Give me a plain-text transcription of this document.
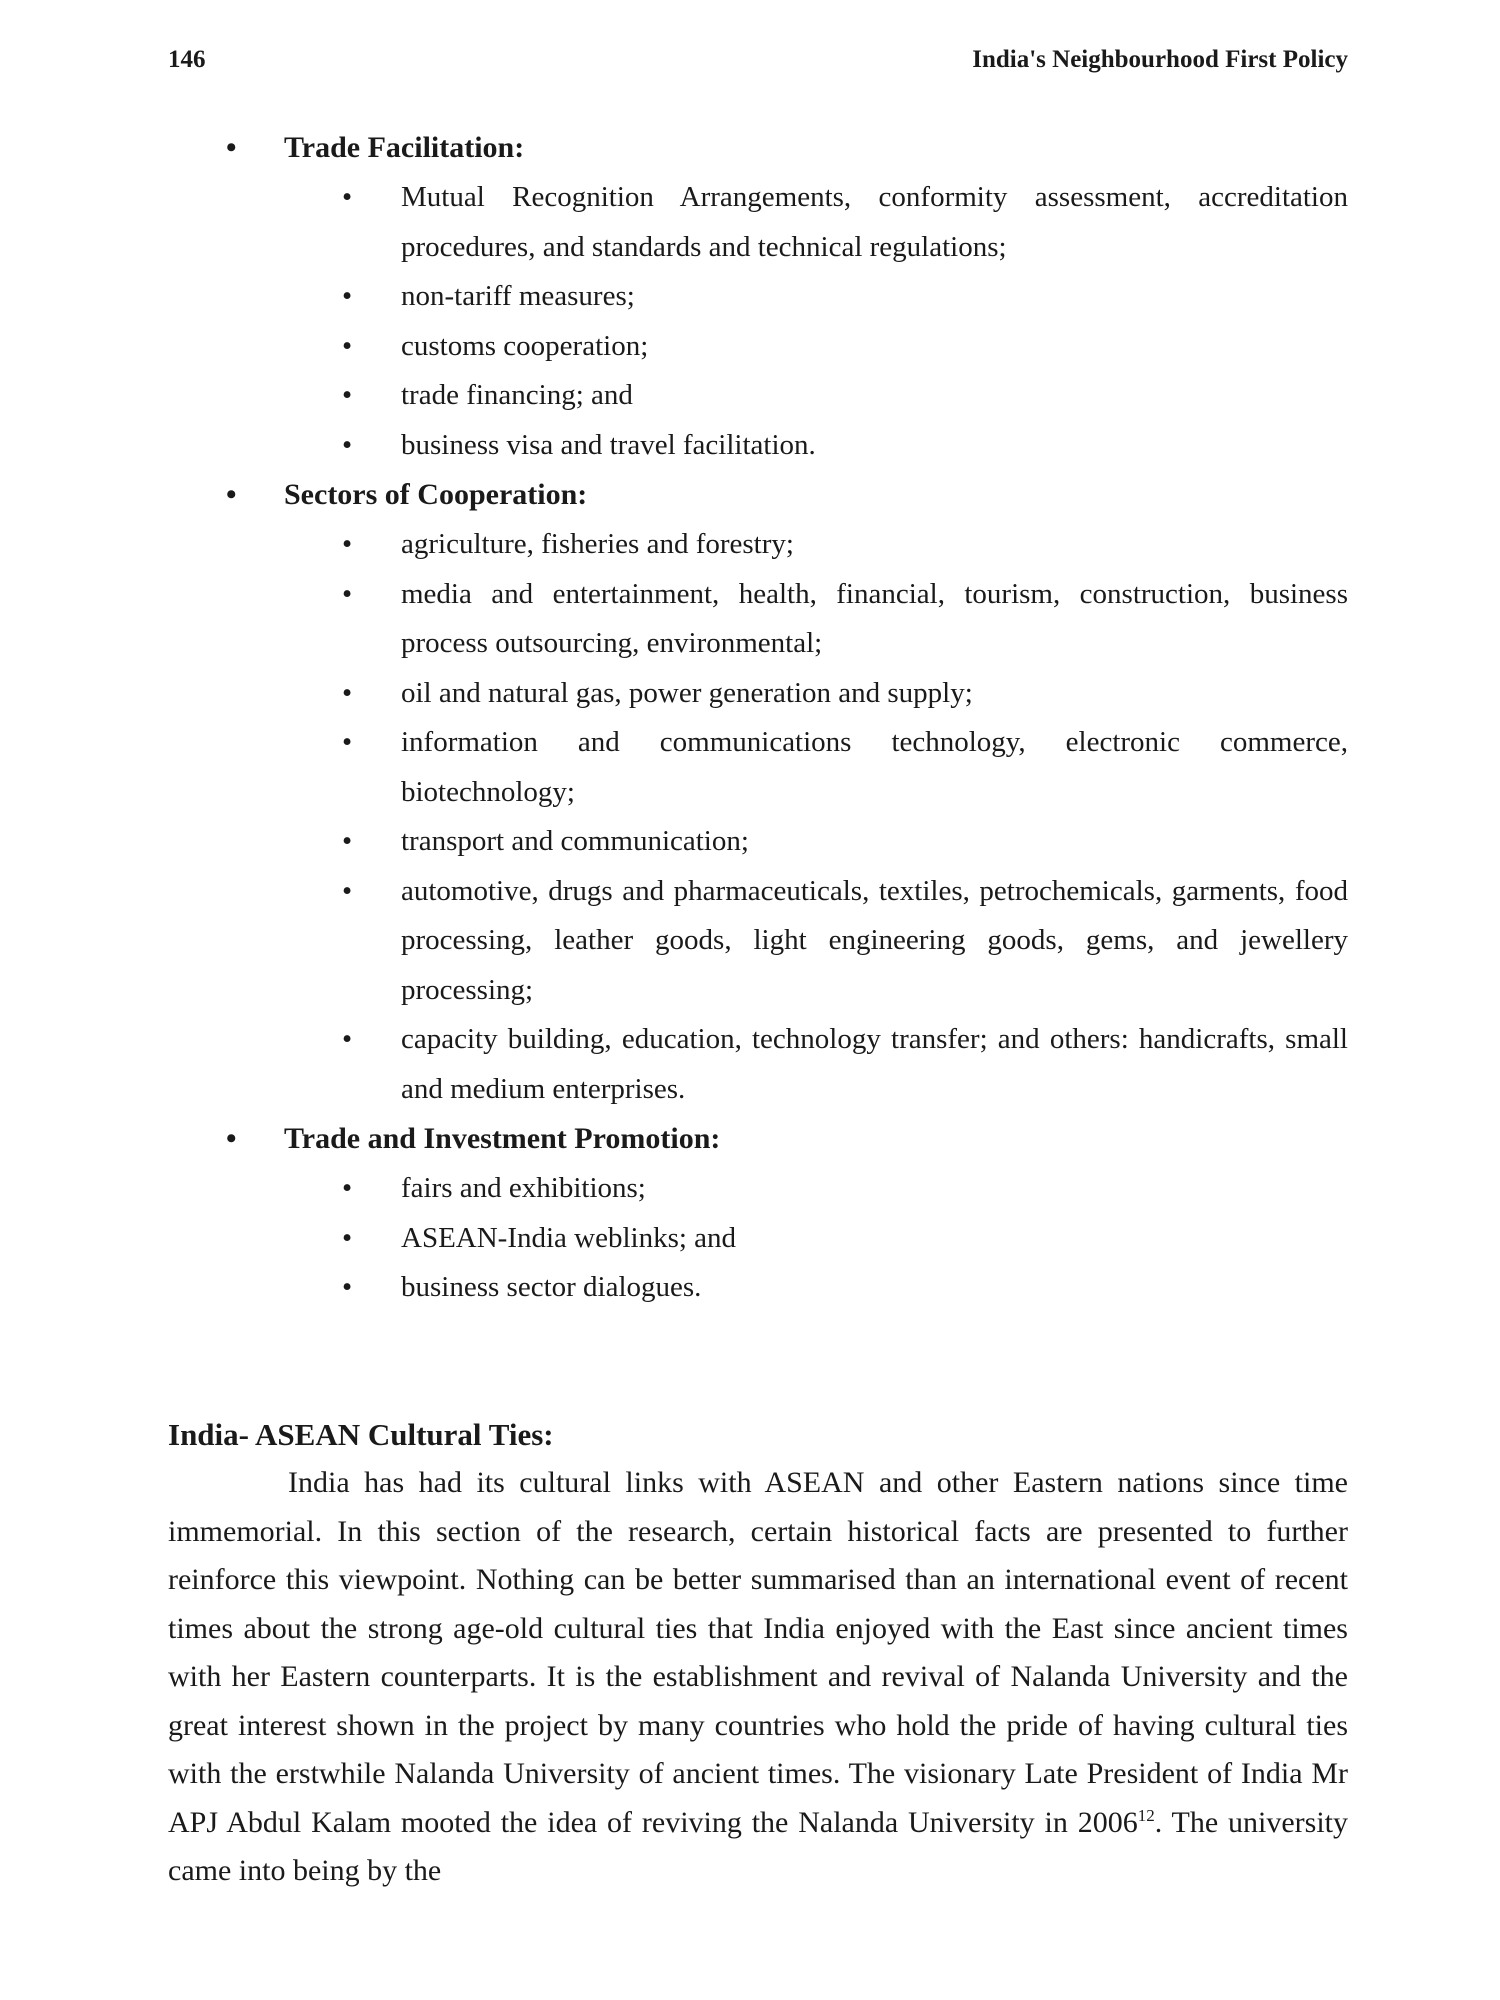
146	India's Neighbourhood First Policy
• Trade Facilitation:
• Mutual Recognition Arrangements, conformity assessment, accreditation procedures, and standards and technical regulations;
• non-tariff measures;
• customs cooperation;
• trade financing; and
• business visa and travel facilitation.
• Sectors of Cooperation:
• agriculture, fisheries and forestry;
• media and entertainment, health, financial, tourism, construction, business process outsourcing, environmental;
• oil and natural gas, power generation and supply;
• information and communications technology, electronic commerce, biotechnology;
• transport and communication;
• automotive, drugs and pharmaceuticals, textiles, petrochemicals, garments, food processing, leather goods, light engineering goods, gems, and jewellery processing;
• capacity building, education, technology transfer; and others: handicrafts, small and medium enterprises.
• Trade and Investment Promotion:
• fairs and exhibitions;
• ASEAN-India weblinks; and
• business sector dialogues.
India- ASEAN Cultural Ties:

India has had its cultural links with ASEAN and other Eastern nations since time immemorial. In this section of the research, certain historical facts are presented to further reinforce this viewpoint. Nothing can be better summarised than an international event of recent times about the strong age-old cultural ties that India enjoyed with the East since ancient times with her Eastern counterparts. It is the establishment and revival of Nalanda University and the great interest shown in the project by many countries who hold the pride of having cultural ties with the erstwhile Nalanda University of ancient times. The visionary Late President of India Mr APJ Abdul Kalam mooted the idea of reviving the Nalanda University in 2006$^{12}$. The university came into being by the
